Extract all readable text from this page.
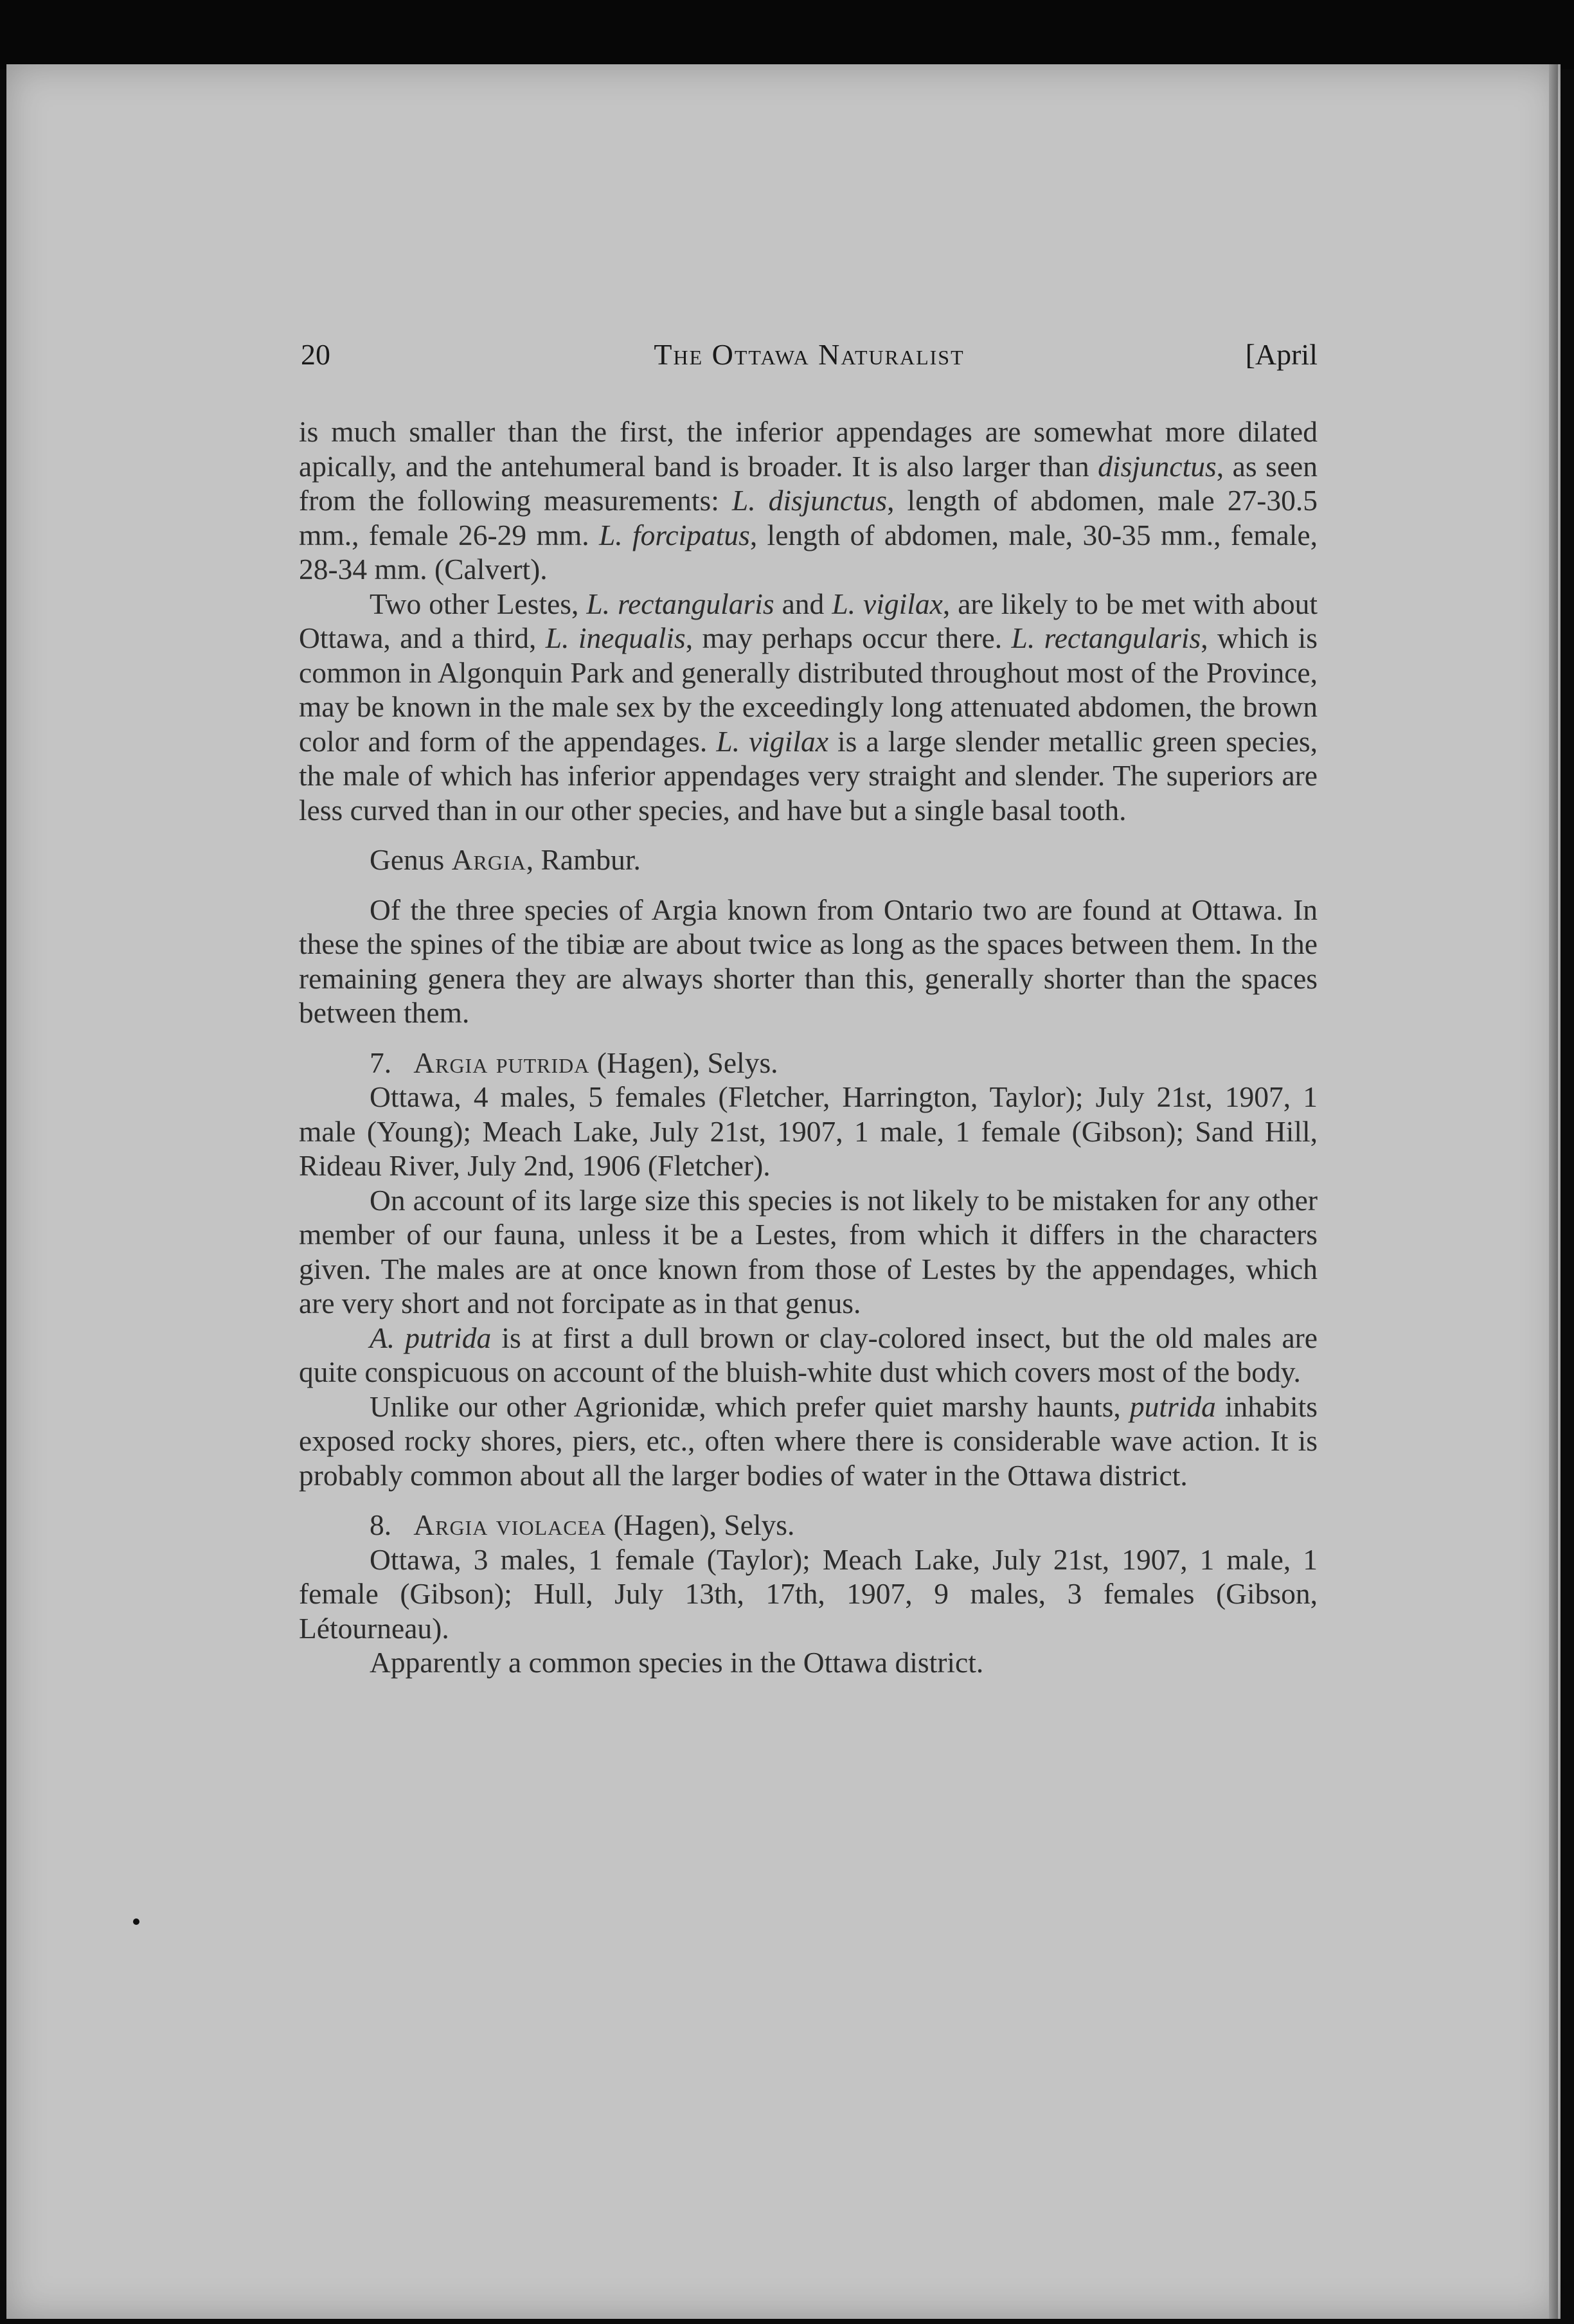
20	The Ottawa Naturalist	[April

is much smaller than the first, the inferior appendages are somewhat more dilated apically, and the antehumeral band is broader. It is also larger than disjunctus, as seen from the following measurements: L. disjunctus, length of abdomen, male 27-30.5 mm., female 26-29 mm. L. forcipatus, length of abdomen, male, 30-35 mm., female, 28-34 mm. (Calvert).

Two other Lestes, L. rectangularis and L. vigilax, are likely to be met with about Ottawa, and a third, L. inequalis, may perhaps occur there. L. rectangularis, which is common in Algonquin Park and generally distributed throughout most of the Province, may be known in the male sex by the exceedingly long attenuated abdomen, the brown color and form of the appendages. L. vigilax is a large slender metallic green species, the male of which has inferior appendages very straight and slender. The superiors are less curved than in our other species, and have but a single basal tooth.

Genus Argia, Rambur.

Of the three species of Argia known from Ontario two are found at Ottawa. In these the spines of the tibiæ are about twice as long as the spaces between them. In the remaining genera they are always shorter than this, generally shorter than the spaces between them.

7. Argia putrida (Hagen), Selys.

Ottawa, 4 males, 5 females (Fletcher, Harrington, Taylor); July 21st, 1907, 1 male (Young); Meach Lake, July 21st, 1907, 1 male, 1 female (Gibson); Sand Hill, Rideau River, July 2nd, 1906 (Fletcher).

On account of its large size this species is not likely to be mistaken for any other member of our fauna, unless it be a Lestes, from which it differs in the characters given. The males are at once known from those of Lestes by the appendages, which are very short and not forcipate as in that genus.

A. putrida is at first a dull brown or clay-colored insect, but the old males are quite conspicuous on account of the bluish-white dust which covers most of the body.

Unlike our other Agrionidæ, which prefer quiet marshy haunts, putrida inhabits exposed rocky shores, piers, etc., often where there is considerable wave action. It is probably common about all the larger bodies of water in the Ottawa district.

8. Argia violacea (Hagen), Selys.

Ottawa, 3 males, 1 female (Taylor); Meach Lake, July 21st, 1907, 1 male, 1 female (Gibson); Hull, July 13th, 17th, 1907, 9 males, 3 females (Gibson, Létourneau).

Apparently a common species in the Ottawa district.
